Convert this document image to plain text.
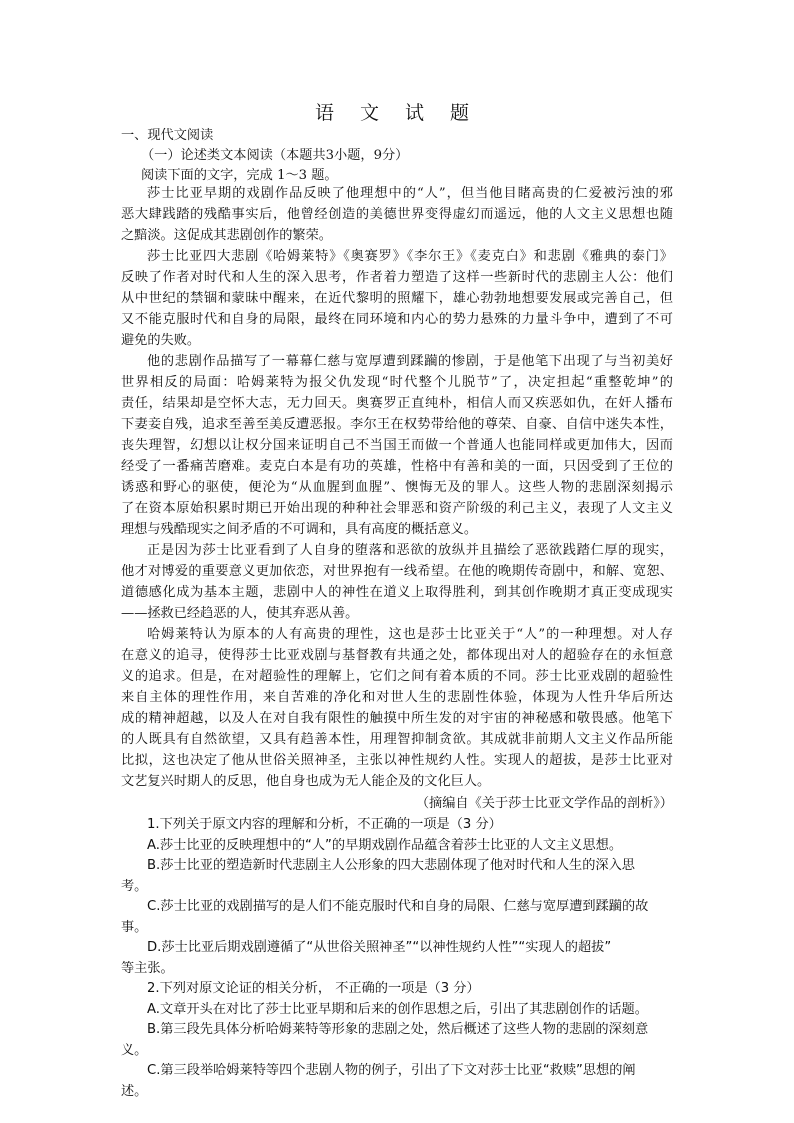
语 文 试 题
一、现代文阅读
（一）论述类文本阅读（本题共3小题，9分）
阅读下面的文字，完成 1～3 题。
莎士比亚早期的戏剧作品反映了他理想中的“人”，但当他目睹高贵的仁爱被污浊的邪
恶大肆践踏的残酷事实后，他曾经创造的美德世界变得虚幻而遥远，他的人文主义思想也随
之黯淡。这促成其悲剧创作的繁荣。
莎士比亚四大悲剧《哈姆莱特》《奥赛罗》《李尔王》《麦克白》和悲剧《雅典的泰门》
反映了作者对时代和人生的深入思考，作者着力塑造了这样一些新时代的悲剧主人公：他们
从中世纪的禁锢和蒙昧中醒来，在近代黎明的照耀下，雄心勃勃地想要发展或完善自己，但
又不能克服时代和自身的局限，最终在同环境和内心的势力悬殊的力量斗争中，遭到了不可
避免的失败。
他的悲剧作品描写了一幕幕仁慈与宽厚遭到蹂躏的惨剧，于是他笔下出现了与当初美好
世界相反的局面：哈姆莱特为报父仇发现“时代整个儿脱节”了，决定担起“重整乾坤”的
责任，结果却是空怀大志，无力回天。奥赛罗正直纯朴，相信人而又疾恶如仇，在奸人播布
下妻妾自残，追求至善至美反遭恶报。李尔王在权势带给他的尊荣、自豪、自信中迷失本性，
丧失理智，幻想以让权分国来证明自己不当国王而做一个普通人也能同样或更加伟大，因而
经受了一番痛苦磨难。麦克白本是有功的英雄，性格中有善和美的一面，只因受到了王位的
诱惑和野心的驱使，便沦为“从血腥到血腥”、懊悔无及的罪人。这些人物的悲剧深刻揭示
了在资本原始积累时期已开始出现的种种社会罪恶和资产阶级的利己主义，表现了人文主义
理想与残酷现实之间矛盾的不可调和，具有高度的概括意义。
正是因为莎士比亚看到了人自身的堕落和恶欲的放纵并且描绘了恶欲践踏仁厚的现实，
他才对博爱的重要意义更加依恋，对世界抱有一线希望。在他的晚期传奇剧中，和解、宽恕、
道德感化成为基本主题，悲剧中人的神性在道义上取得胜利，到其创作晚期才真正变成现实
——拯救已经趋恶的人，使其弃恶从善。
哈姆莱特认为原本的人有高贵的理性，这也是莎士比亚关于“人”的一种理想。对人存
在意义的追寻，使得莎士比亚戏剧与基督教有共通之处，都体现出对人的超验存在的永恒意
义的追求。但是，在对超验性的理解上，它们之间有着本质的不同。莎士比亚戏剧的超验性
来自主体的理性作用，来自苦难的净化和对世人生的悲剧性体验，体现为人性升华后所达
成的精神超越，以及人在对自我有限性的触摸中所生发的对宇宙的神秘感和敬畏感。他笔下
的人既具有自然欲望，又具有趋善本性，用理智抑制贪欲。其成就非前期人文主义作品所能
比拟，这也决定了他从世俗关照神圣，主张以神性规约人性。实现人的超拔，是莎士比亚对
文艺复兴时期人的反思，他自身也成为无人能企及的文化巨人。
（摘编自《关于莎士比亚文学作品的剖析》）
1.下列关于原文内容的理解和分析，不正确的一项是（3 分）
A.莎士比亚的反映理想中的“人”的早期戏剧作品蕴含着莎士比亚的人文主义思想。
B.莎士比亚的塑造新时代悲剧主人公形象的四大悲剧体现了他对时代和人生的深入思
考。
C.莎士比亚的戏剧描写的是人们不能克服时代和自身的局限、仁慈与宽厚遭到蹂躏的故
事。
D.莎士比亚后期戏剧遵循了“从世俗关照神圣”“以神性规约人性”“实现人的超拔”
等主张。
2.下列对原文论证的相关分析， 不正确的一项是（3 分）
A.文章开头在对比了莎士比亚早期和后来的创作思想之后，引出了其悲剧创作的话题。
B.第三段先具体分析哈姆莱特等形象的悲剧之处，然后概述了这些人物的悲剧的深刻意
义。
C.第三段举哈姆莱特等四个悲剧人物的例子，引出了下文对莎士比亚“救赎”思想的阐
述。
